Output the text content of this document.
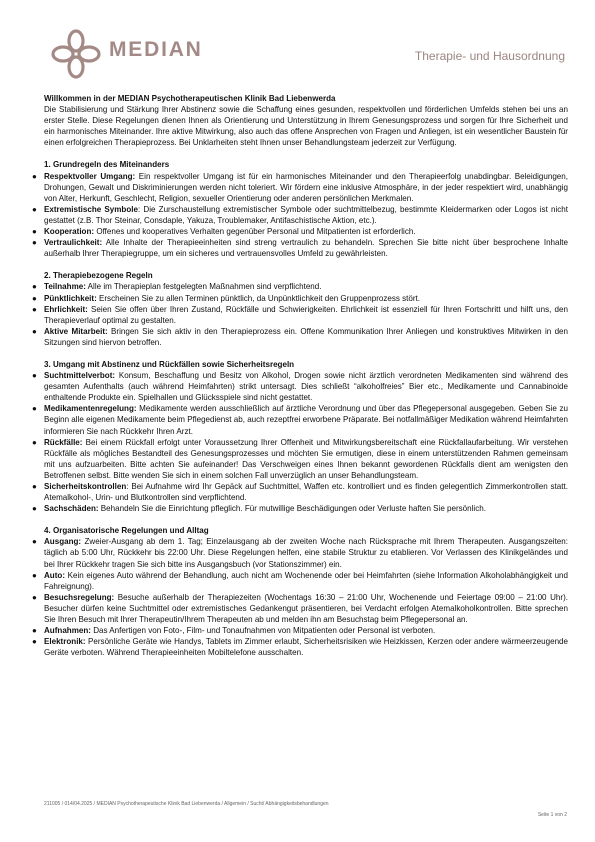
MEDIAN	Therapie- und Hausordnung
Willkommen in der MEDIAN Psychotherapeutischen Klinik Bad Liebenwerda
Die Stabilisierung und Stärkung Ihrer Abstinenz sowie die Schaffung eines gesunden, respektvollen und förderlichen Umfelds stehen bei uns an erster Stelle. Diese Regelungen dienen Ihnen als Orientierung und Unterstützung in Ihrem Genesungsprozess und sorgen für Ihre Sicherheit und ein harmonisches Miteinander. Ihre aktive Mitwirkung, also auch das offene Ansprechen von Fragen und Anliegen, ist ein wesentlicher Baustein für einen erfolgreichen Therapieprozess. Bei Unklarheiten steht Ihnen unser Behandlungsteam jederzeit zur Verfügung.
1. Grundregeln des Miteinanders
● Respektvoller Umgang: Ein respektvoller Umgang ist für ein harmonisches Miteinander und den Therapieerfolg unabdingbar. Beleidigungen, Drohungen, Gewalt und Diskriminierungen werden nicht toleriert. Wir fördern eine inklusive Atmosphäre, in der jeder respektiert wird, unabhängig von Alter, Herkunft, Geschlecht, Religion, sexueller Orientierung oder anderen persönlichen Merkmalen.
● Extremistische Symbole: Die Zurschaustellung extremistischer Symbole oder suchtmittelbezug, bestimmte Kleidermarken oder Logos ist nicht gestattet (z.B. Thor Steinar, Consdaple, Yakuza, Troublemaker, Antifaschistische Aktion, etc.).
● Kooperation: Offenes und kooperatives Verhalten gegenüber Personal und Mitpatienten ist erforderlich.
● Vertraulichkeit: Alle Inhalte der Therapieeinheiten sind streng vertraulich zu behandeln. Sprechen Sie bitte nicht über besprochene Inhalte außerhalb Ihrer Therapiegruppe, um ein sicheres und vertrauensvolles Umfeld zu gewährleisten.
2. Therapiebezogene Regeln
● Teilnahme: Alle im Therapieplan festgelegten Maßnahmen sind verpflichtend.
● Pünktlichkeit: Erscheinen Sie zu allen Terminen pünktlich, da Unpünktlichkeit den Gruppenprozess stört.
● Ehrlichkeit: Seien Sie offen über Ihren Zustand, Rückfälle und Schwierigkeiten. Ehrlichkeit ist essenziell für Ihren Fortschritt und hilft uns, den Therapieverlauf optimal zu gestalten.
● Aktive Mitarbeit: Bringen Sie sich aktiv in den Therapieprozess ein. Offene Kommunikation Ihrer Anliegen und konstruktives Mitwirken in den Sitzungen sind hiervon betroffen.
3. Umgang mit Abstinenz und Rückfällen sowie Sicherheitsregeln
● Suchtmittelverbot: Konsum, Beschaffung und Besitz von Alkohol, Drogen sowie nicht ärztlich verordneten Medikamenten sind während des gesamten Aufenthalts (auch während Heimfahrten) strikt untersagt. Dies schließt “alkoholfreies” Bier etc., Medikamente und Cannabinoide enthaltende Produkte ein. Spielhallen und Glücksspiele sind nicht gestattet.
● Medikamentenregelung: Medikamente werden ausschließlich auf ärztliche Verordnung und über das Pflegepersonal ausgegeben. Geben Sie zu Beginn alle eigenen Medikamente beim Pflegedienst ab, auch rezeptfrei erworbene Präparate. Bei notfallmäßiger Medikation während Heimfahrten informieren Sie nach Rückkehr Ihren Arzt.
● Rückfälle: Bei einem Rückfall erfolgt unter Voraussetzung Ihrer Offenheit und Mitwirkungsbereitschaft eine Rückfallaufarbeitung. Wir verstehen Rückfälle als mögliches Bestandteil des Genesungsprozesses und möchten Sie ermutigen, diese in einem unterstützenden Rahmen gemeinsam mit uns aufzuarbeiten. Bitte achten Sie aufeinander! Das Verschweigen eines Ihnen bekannt gewordenen Rückfalls dient am wenigsten den Betroffenen selbst. Bitte wenden Sie sich in einem solchen Fall unverzüglich an unser Behandlungsteam.
● Sicherheitskontrollen: Bei Aufnahme wird Ihr Gepäck auf Suchtmittel, Waffen etc. kontrolliert und es finden gelegentlich Zimmerkontrollen statt. Atemalkohol-, Urin- und Blutkontrollen sind verpflichtend.
● Sachschäden: Behandeln Sie die Einrichtung pfleglich. Für mutwillige Beschädigungen oder Verluste haften Sie persönlich.
4. Organisatorische Regelungen und Alltag
● Ausgang: Zweier-Ausgang ab dem 1. Tag; Einzelausgang ab der zweiten Woche nach Rücksprache mit Ihrem Therapeuten. Ausgangszeiten: täglich ab 5:00 Uhr, Rückkehr bis 22:00 Uhr. Diese Regelungen helfen, eine stabile Struktur zu etablieren. Vor Verlassen des Klinikgeländes und bei Ihrer Rückkehr tragen Sie sich bitte ins Ausgangsbuch (vor Stationszimmer) ein.
● Auto: Kein eigenes Auto während der Behandlung, auch nicht am Wochenende oder bei Heimfahrten (siehe Information Alkoholabhängigkeit und Fahreignung).
● Besuchsregelung: Besuche außerhalb der Therapiezeiten (Wochentags 16:30 – 21:00 Uhr, Wochenende und Feiertage 09:00 – 21:00 Uhr). Besucher dürfen keine Suchtmittel oder extremistisches Gedankengut präsentieren, bei Verdacht erfolgen Atemalkoholkontrollen. Bitte sprechen Sie Ihren Besuch mit Ihrer Therapeutin/Ihrem Therapeuten ab und melden ihn am Besuchstag beim Pflegepersonal an.
● Aufnahmen: Das Anfertigen von Foto-, Film- und Tonaufnahmen von Mitpatienten oder Personal ist verboten.
● Elektronik: Persönliche Geräte wie Handys, Tablets im Zimmer erlaubt, Sicherheitsrisiken wie Heizkissen, Kerzen oder andere wärmeerzeugende Geräte verboten. Während Therapieeinheiten Mobiltelefone ausschalten.
211005 / 014/04.2025 / MEDIAN Psychotherapeutische Klinik Bad Liebenwerda / Allgemein / Sucht/ Abhängigkeitsbehandlungen
Seite 1 von 2
